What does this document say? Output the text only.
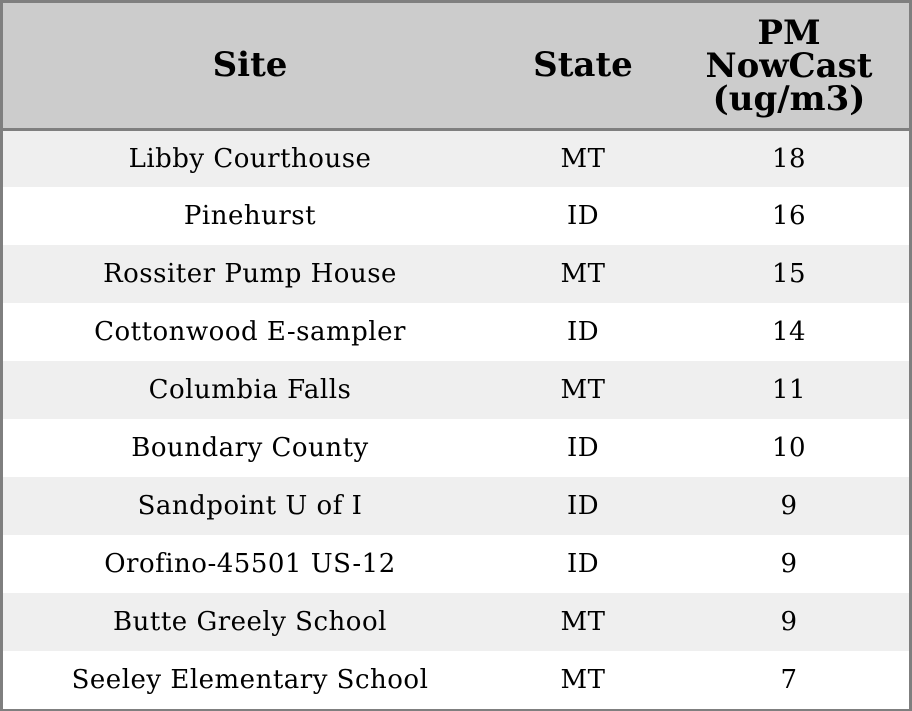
Site	State	PM
NowCast
(ug/m3)
Libby Courthouse	MT	18
Pinehurst	ID	16
Rossiter Pump House	MT	15
Cottonwood E-sampler	ID	14
Columbia Falls	MT	11
Boundary County	ID	10
Sandpoint U of I	ID	9
Orofino-45501 US-12	ID	9
Butte Greely School	MT	9
Seeley Elementary School	MT	7
